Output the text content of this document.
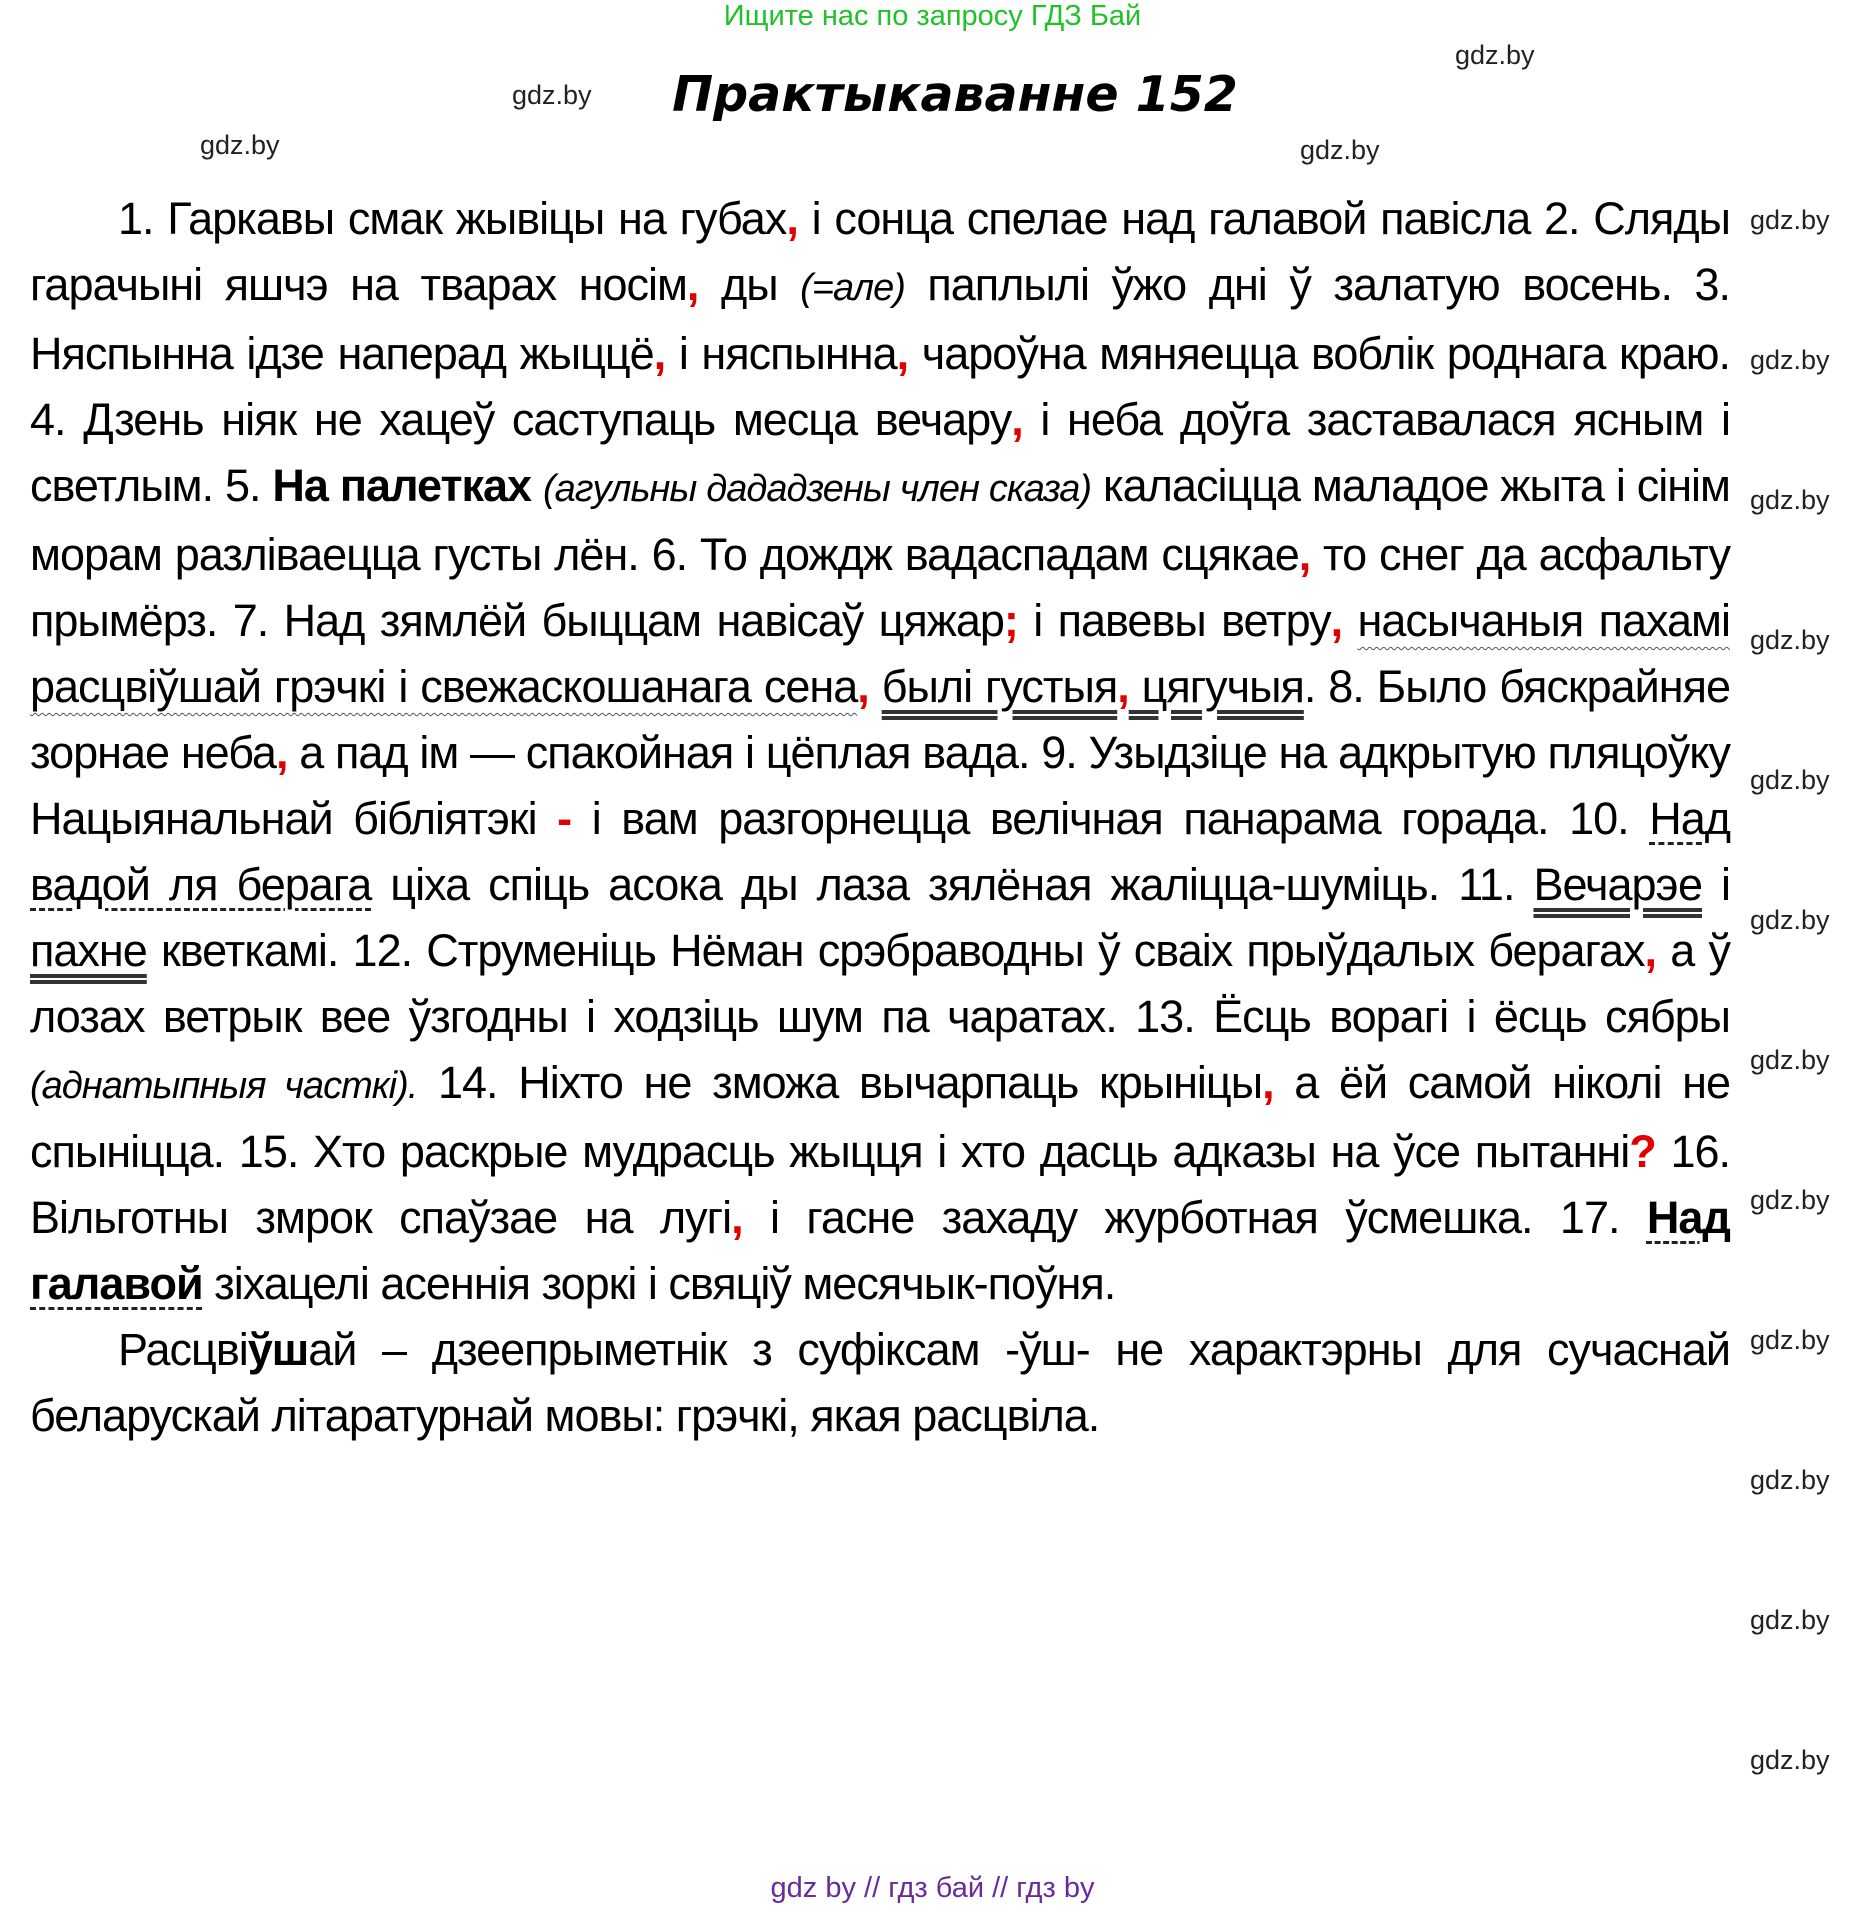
Ищите нас по запросу ГДЗ Бай
Практыкаванне 152

1. Гаркавы смак жывіцы на губах, і сонца спелае над галавой павісла 2. Сляды гарачыні яшчэ на тварах носім, ды (=але) паплылі ўжо дні ў залатую восень. 3. Няспынна ідзе наперад жыццё, і няспынна, чароўна мяняецца воблік роднага краю. 4. Дзень ніяк не хацеў саступаць месца вечару, і неба доўга заставалася ясным і светлым. 5. На палетках (агульны дададзены член сказа) каласіцца маладое жыта і сінім морам разліваецца густы лён. 6. То дождж вадаспадам сцякае, то снег да асфальту прымёрз. 7. Над зямлёй быццам навісаў цяжар; і павевы ветру, насычаныя пахамі расцвіўшай грэчкі і свежаскошанага сена, былі густыя, цягучыя. 8. Было бяскрайняе зорнае неба, а пад ім — спакойная і цёплая вада. 9. Узыдзіце на адкрытую пляцоўку Нацыянальнай бібліятэкі - і вам разгорнецца велічная панарама горада. 10. Над вадой ля берага ціха спіць асока ды лаза зялёная жаліцца-шуміць. 11. Вечарэе і пахне кветкамі. 12. Струменіць Нёман срэбраводны ў сваіх прыўдалых берагах, а ў лозах ветрык вее ўзгодны і ходзіць шум па чаратах. 13. Ёсць ворагі і ёсць сябры (аднатыпныя часткі). 14. Ніхто не зможа вычарпаць крыніцы, а ёй самой ніколі не спыніцца. 15. Хто раскрые мудрасць жыцця і хто дасць адказы на ўсе пытанні? 16. Вільготны змрок спаўзае на лугі, і гасне захаду журботная ўсмешка. 17. Над галавой зіхацелі асеннія зоркі і свяціў месячык-поўня.

Расцвіўшай – дзеепрыметнік з суфіксам -ўш- не характэрны для сучаснай беларускай літаратурнай мовы: грэчкі, якая расцвіла.

gdz.by
gdz.by
gdz.by	gdz.by
gdz.by
gdz.by
gdz.by
gdz.by
gdz.by
gdz.by
gdz.by
gdz.by
gdz.by
gdz.by
gdz.by
gdz.by
gdz by // гдз бай // гдз by
